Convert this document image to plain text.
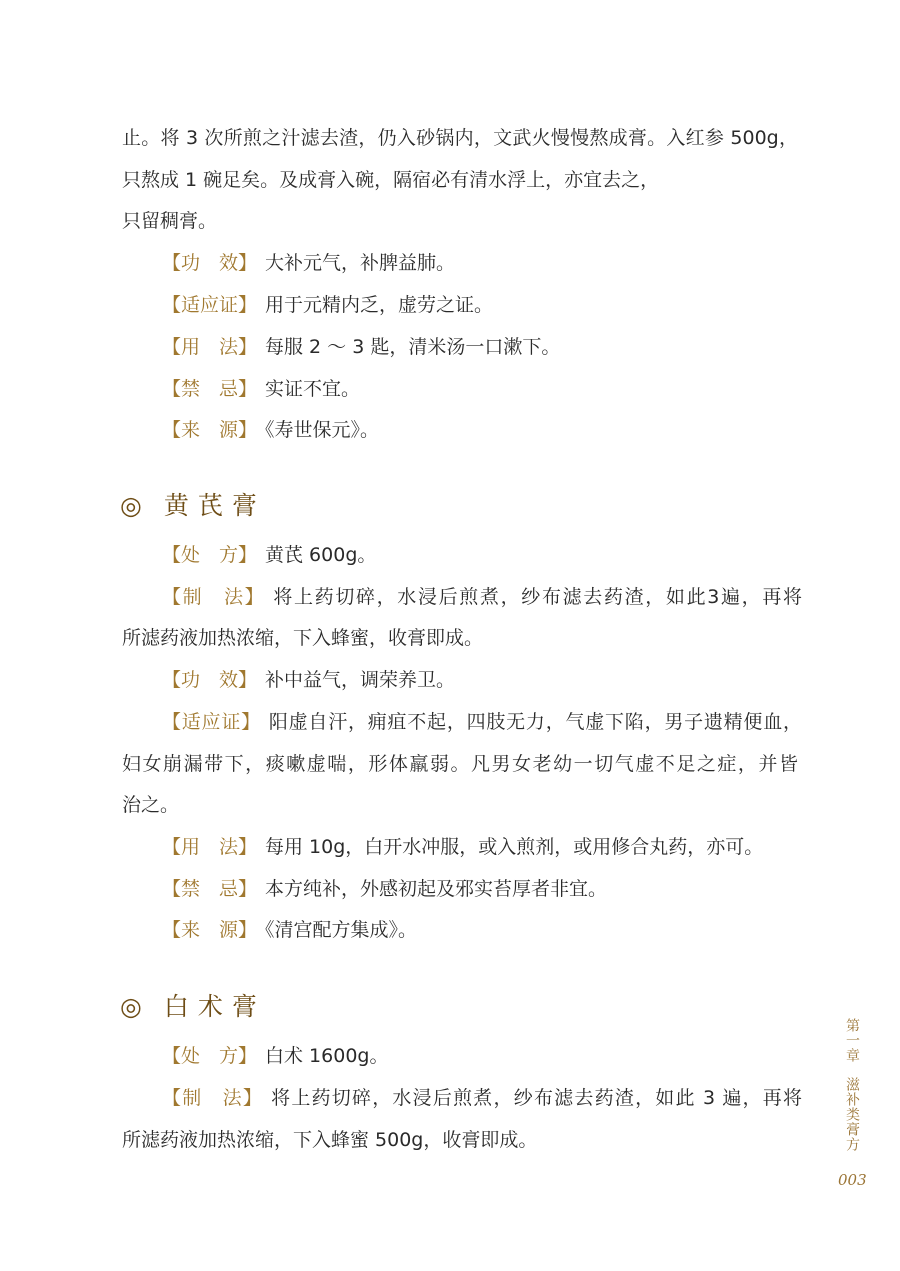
止。将 3 次所煎之汁滤去渣，仍入砂锅内，文武火慢慢熬成膏。入红参 500g，
只熬成 1 碗足矣。及成膏入碗，隔宿必有清水浮上，亦宜去之，
只留稠膏。
【功　效】 大补元气，补脾益肺。
【适应证】 用于元精内乏，虚劳之证。
【用　法】 每服 2 ～ 3 匙，清米汤一口漱下。
【禁　忌】 实证不宜。
【来　源】 《寿世保元》。
◎ 黄芪膏
【处　方】 黄芪 600g。
【制　法】 将上药切碎，水浸后煎煮，纱布滤去药渣，如此3遍，再将
所滤药液加热浓缩，下入蜂蜜，收膏即成。
【功　效】 补中益气，调荣养卫。
【适应证】 阳虚自汗，痈疽不起，四肢无力，气虚下陷，男子遗精便血，
妇女崩漏带下，痰嗽虚喘，形体羸弱。凡男女老幼一切气虚不足之症，并皆
治之。
【用　法】 每用 10g，白开水冲服，或入煎剂，或用修合丸药，亦可。
【禁　忌】 本方纯补，外感初起及邪实苔厚者非宜。
【来　源】 《清宫配方集成》。
◎ 白术膏
【处　方】 白术 1600g。
【制　法】 将上药切碎，水浸后煎煮，纱布滤去药渣，如此 3 遍，再将
所滤药液加热浓缩，下入蜂蜜 500g，收膏即成。
第一章
滋补类膏方
003
